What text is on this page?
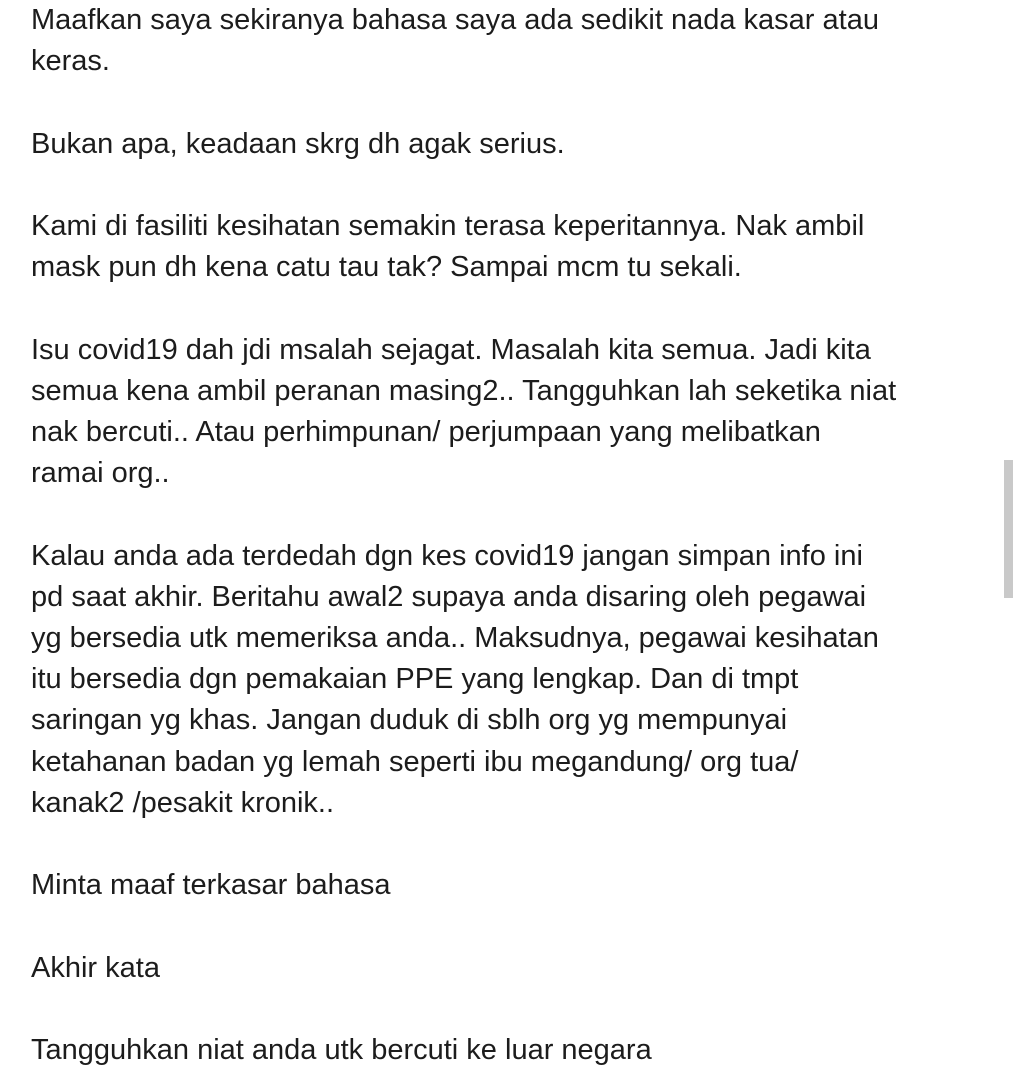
Maafkan saya sekiranya bahasa saya ada sedikit nada kasar atau
keras.

Bukan apa, keadaan skrg dh agak serius.

Kami di fasiliti kesihatan semakin terasa keperitannya. Nak ambil
mask pun dh kena catu tau tak? Sampai mcm tu sekali.

Isu covid19 dah jdi msalah sejagat. Masalah kita semua. Jadi kita
semua kena ambil peranan masing2.. Tangguhkan lah seketika niat
nak bercuti.. Atau perhimpunan/ perjumpaan yang melibatkan
ramai org..

Kalau anda ada terdedah dgn kes covid19 jangan simpan info ini
pd saat akhir. Beritahu awal2 supaya anda disaring oleh pegawai
yg bersedia utk memeriksa anda.. Maksudnya, pegawai kesihatan
itu bersedia dgn pemakaian PPE yang lengkap. Dan di tmpt
saringan yg khas. Jangan duduk di sblh org yg mempunyai
ketahanan badan yg lemah seperti ibu megandung/ org tua/
kanak2 /pesakit kronik..

Minta maaf terkasar bahasa

Akhir kata

Tangguhkan niat anda utk bercuti ke luar negara
